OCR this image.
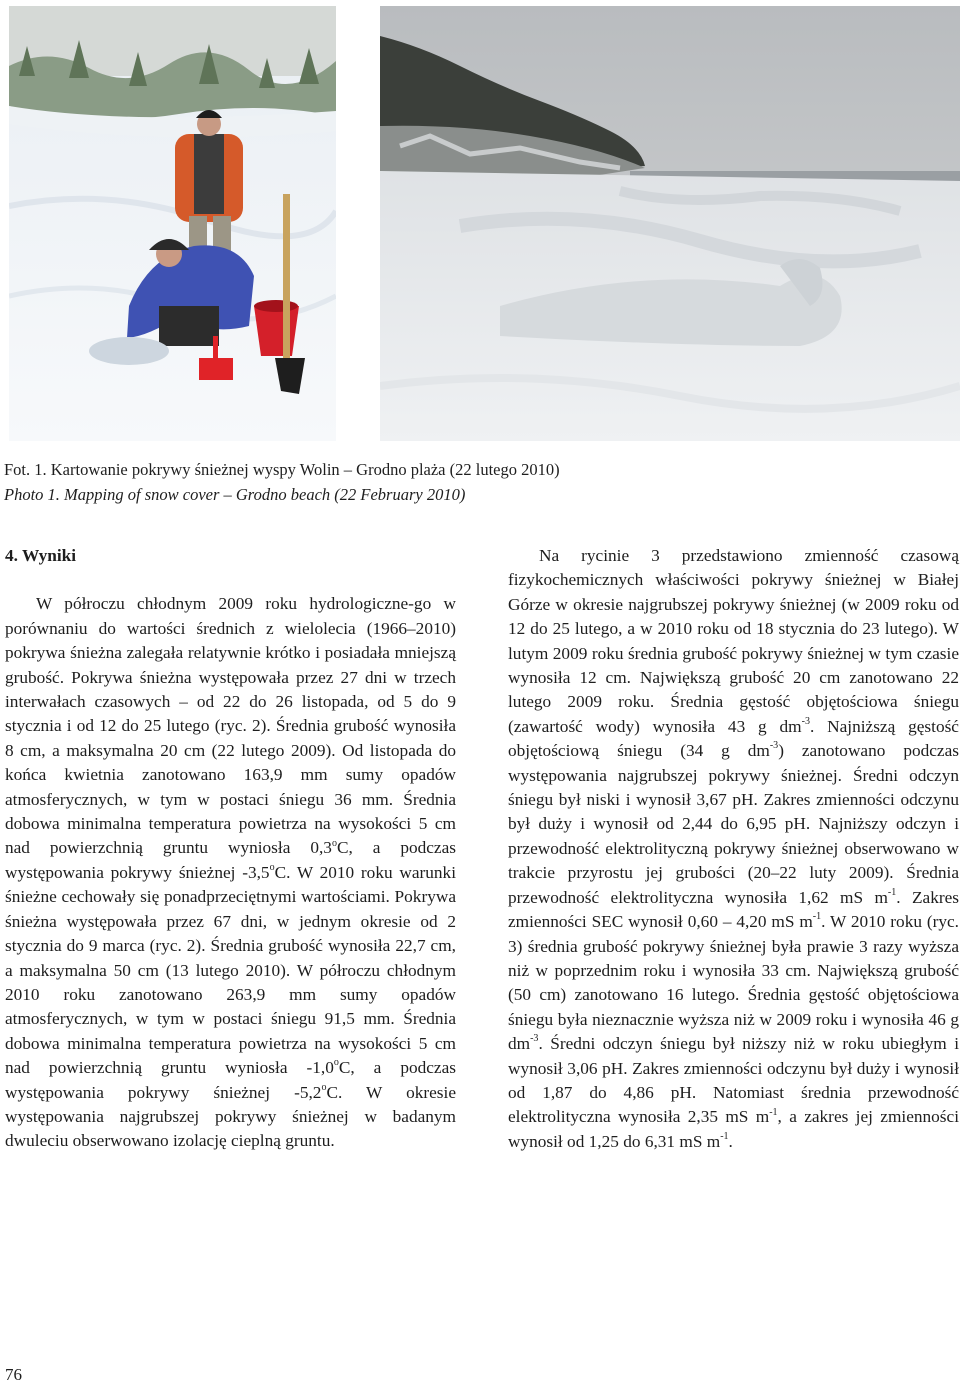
Fot. 1. Kartowanie pokrywy śnieżnej wyspy Wolin – Grodno plaża (22 lutego 2010)
Photo 1. Mapping of snow cover – Grodno beach (22 February 2010)
4. Wyniki

W półroczu chłodnym 2009 roku hydrologiczne-go w porównaniu do wartości średnich z wielolecia (1966–2010) pokrywa śnieżna zalegała relatywnie krótko i posiadała mniejszą grubość. Pokrywa śnieżna występowała przez 27 dni w trzech interwałach czasowych – od 22 do 26 listopada, od 5 do 9 stycznia i od 12 do 25 lutego (ryc. 2). Średnia grubość wynosiła 8 cm, a maksymalna 20 cm (22 lutego 2009). Od listopada do końca kwietnia zanotowano 163,9 mm sumy opadów atmosferycznych, w tym w postaci śniegu 36 mm. Średnia dobowa minimalna temperatura powietrza na wysokości 5 cm nad powierzchnią gruntu wyniosła 0,3$^o$C, a podczas występowania pokrywy śnieżnej -3,5$^o$C. W 2010 roku warunki śnieżne cechowały się ponadprzeciętnymi wartościami. Pokrywa śnieżna występowała przez 67 dni, w jednym okresie od 2 stycznia do 9 marca (ryc. 2). Średnia grubość wynosiła 22,7 cm, a maksymalna 50 cm (13 lutego 2010). W półroczu chłodnym 2010 roku zanotowano 263,9 mm sumy opadów atmosferycznych, w tym w postaci śniegu 91,5 mm. Średnia dobowa minimalna temperatura powietrza na wysokości 5 cm nad powierzchnią gruntu wyniosła -1,0$^o$C, a podczas występowania pokrywy śnieżnej -5,2$^o$C. W okresie występowania najgrubszej pokrywy śnieżnej w badanym dwuleciu obserwowano izolację cieplną gruntu.

Na rycinie 3 przedstawiono zmienność czasową fizykochemicznych właściwości pokrywy śnieżnej w Białej Górze w okresie najgrubszej pokrywy śnieżnej (w 2009 roku od 12 do 25 lutego, a w 2010 roku od 18 stycznia do 23 lutego). W lutym 2009 roku średnia grubość pokrywy śnieżnej w tym czasie wynosiła 12 cm. Największą grubość 20 cm zanotowano 22 lutego 2009 roku. Średnia gęstość objętościowa śniegu (zawartość wody) wynosiła 43 g $dm^{-3}$. Najniższą gęstość objętościową śniegu (34 g $dm^{-3}$) zanotowano podczas występowania najgrubszej pokrywy śnieżnej. Średni odczyn śniegu był niski i wynosił 3,67 pH. Zakres zmienności odczynu był duży i wynosił od 2,44 do 6,95 pH. Najniższy odczyn i przewodność elektrolityczną pokrywy śnieżnej obserwowano w trakcie przyrostu jej grubości (20–22 luty 2009). Średnia przewodność elektrolityczna wynosiła 1,62 mS $m^{-1}$. Zakres zmienności SEC wynosił 0,60 – 4,20 mS $m^{-1}$. W 2010 roku (ryc. 3) średnia grubość pokrywy śnieżnej była prawie 3 razy wyższa niż w poprzednim roku i wynosiła 33 cm. Największą grubość (50 cm) zanotowano 16 lutego. Średnia gęstość objętościowa śniegu była nieznacznie wyższa niż w 2009 roku i wynosiła 46 g $dm^{-3}$. Średni odczyn śniegu był niższy niż w roku ubiegłym i wynosił 3,06 pH. Zakres zmienności odczynu był duży i wynosił od 1,87 do 4,86 pH. Natomiast średnia przewodność elektrolityczna wynosiła 2,35 mS $m^{-1}$, a zakres jej zmienności wynosił od 1,25 do 6,31 mS $m^{-1}$.

76
